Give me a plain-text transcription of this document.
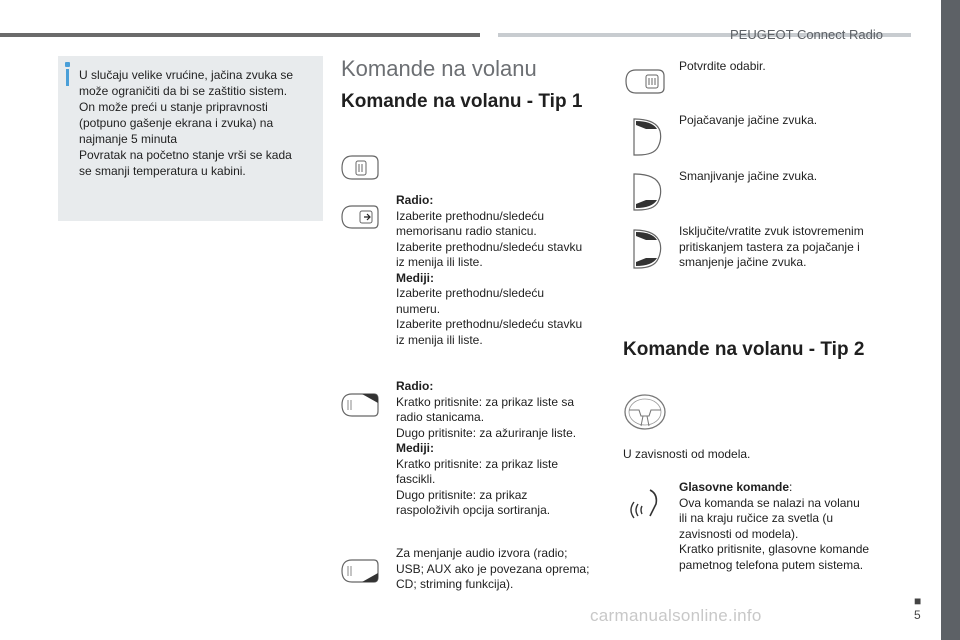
PEUGEOT Connect Radio
U slučaju velike vrućine, jačina zvuka se
može ograničiti da bi se zaštitio sistem.
On može preći u stanje pripravnosti
(potpuno gašenje ekrana i zvuka) na
najmanje 5 minuta
Povratak na početno stanje vrši se kada
se smanji temperatura u kabini.
Komande na volanu
Komande na volanu - Tip 1
Radio:
Izaberite prethodnu/sledeću
memorisanu radio stanicu.
Izaberite prethodnu/sledeću stavku
iz menija ili liste.
Mediji:
Izaberite prethodnu/sledeću
numeru.
Izaberite prethodnu/sledeću stavku
iz menija ili liste.
Radio:
Kratko pritisnite: za prikaz liste sa
radio stanicama.
Dugo pritisnite: za ažuriranje liste.
Mediji:
Kratko pritisnite: za prikaz liste
fascikli.
Dugo pritisnite: za prikaz
raspoloživih opcija sortiranja.
Za menjanje audio izvora (radio;
USB; AUX ako je povezana oprema;
CD; striming funkcija).
Potvrdite odabir.
Pojačavanje jačine zvuka.
Smanjivanje jačine zvuka.
Isključite/vratite zvuk istovremenim
pritiskanjem tastera za pojačanje i
smanjenje jačine zvuka.
Komande na volanu - Tip 2
U zavisnosti od modela.
Glasovne komande:
Ova komanda se nalazi na volanu
ili na kraju ručice za svetla (u
zavisnosti od modela).
Kratko pritisnite, glasovne komande
pametnog telefona putem sistema.
■
5
carmanualsonline.info
